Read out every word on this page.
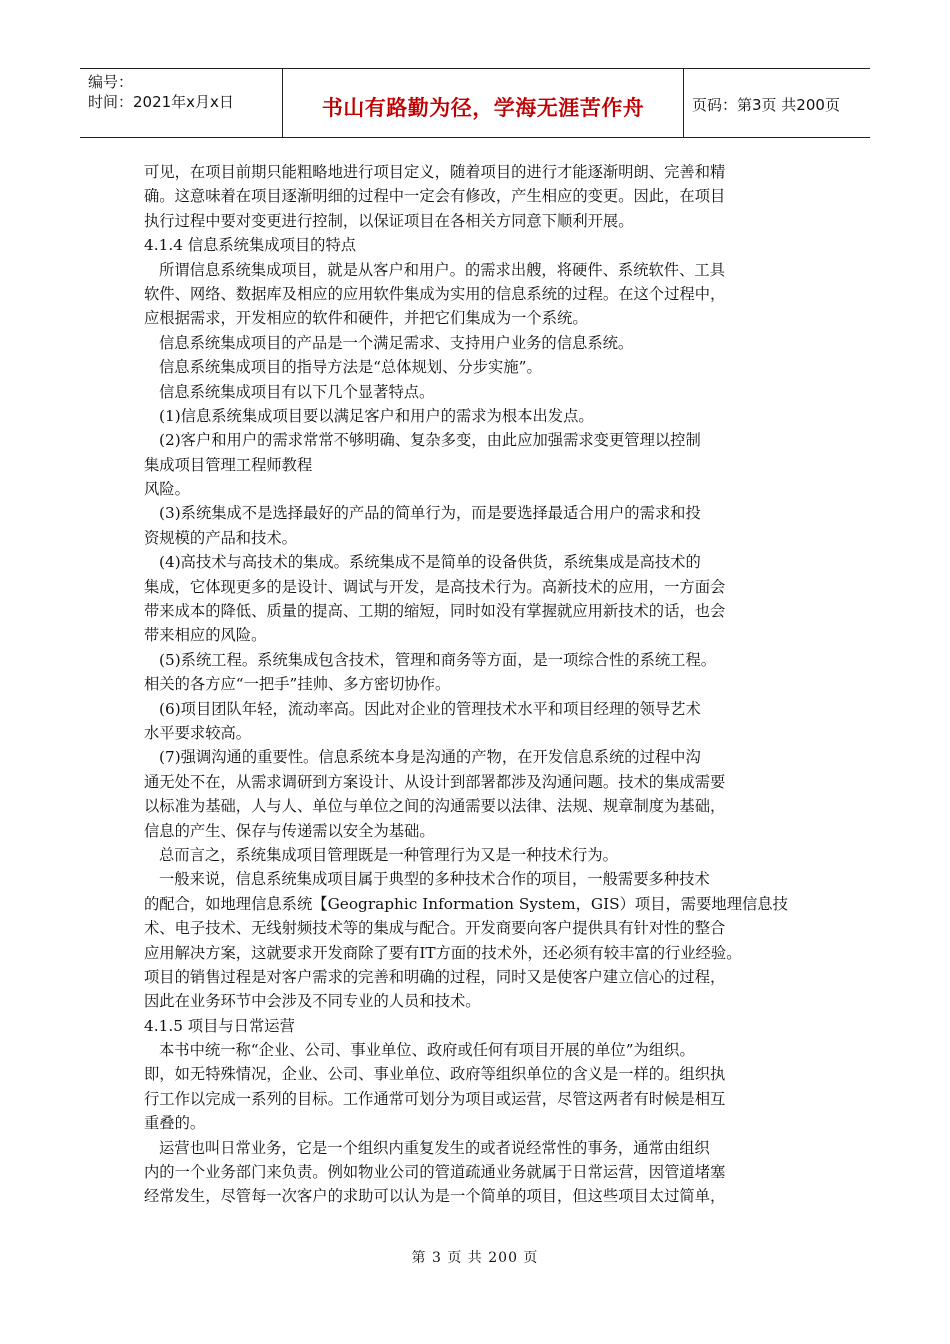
编号：
时间：2021年x月x日	书山有路勤为径，学海无涯苦作舟	页码：第3页 共200页
可见，在项目前期只能粗略地进行项目定义，随着项目的进行才能逐渐明朗、完善和精
确。这意味着在项目逐渐明细的过程中一定会有修改，产生相应的变更。因此，在项目
执行过程中要对变更进行控制，以保证项目在各相关方同意下顺利开展。
4.1.4 信息系统集成项目的特点
所谓信息系统集成项目，就是从客户和用户。的需求出艘，将硬件、系统软件、工具
软件、网络、数据库及相应的应用软件集成为实用的信息系统的过程。在这个过程中，
应根据需求，开发相应的软件和硬件，并把它们集成为一个系统。
信息系统集成项目的产品是一个满足需求、支持用户业务的信息系统。
信息系统集成项目的指导方法是“总体规划、分步实施”。
信息系统集成项目有以下几个显著特点。
(1)信息系统集成项目要以满足客户和用户的需求为根本出发点。
(2)客户和用户的需求常常不够明确、复杂多变，由此应加强需求变更管理以控制
集成项目管理工程师教程
风险。
(3)系统集成不是选择最好的产品的简单行为，而是要选择最适合用户的需求和投
资规模的产品和技术。
(4)高技术与高技术的集成。系统集成不是简单的设备供货，系统集成是高技术的
集成，它体现更多的是设计、调试与开发，是高技术行为。高新技术的应用，一方面会
带来成本的降低、质量的提高、工期的缩短，同时如没有掌握就应用新技术的话，也会
带来相应的风险。
(5)系统工程。系统集成包含技术，管理和商务等方面，是一项综合性的系统工程。
相关的各方应“一把手”挂帅、多方密切协作。
(6)项目团队年轻，流动率高。因此对企业的管理技术水平和项目经理的领导艺术
水平要求较高。
(7)强调沟通的重要性。信息系统本身是沟通的产物，在开发信息系统的过程中沟
通无处不在，从需求调研到方案设计、从设计到部署都涉及沟通问题。技术的集成需要
以标准为基础，人与人、单位与单位之间的沟通需要以法律、法规、规章制度为基础，
信息的产生、保存与传递需以安全为基础。
总而言之，系统集成项目管理既是一种管理行为又是一种技术行为。
一般来说，信息系统集成项目属于典型的多种技术合作的项目，一般需要多种技术
的配合，如地理信息系统【Geographic Information System，GIS）项目，需要地理信息技
术、电子技术、无线射频技术等的集成与配合。开发商要向客户提供具有针对性的整合
应用解决方案，这就要求开发商除了要有IT方面的技术外，还必须有较丰富的行业经验。
项目的销售过程是对客户需求的完善和明确的过程，同时又是使客户建立信心的过程，
因此在业务环节中会涉及不同专业的人员和技术。
4.1.5 项目与日常运营
本书中统一称“企业、公司、事业单位、政府或任何有项目开展的单位”为组织。
即，如无特殊情况，企业、公司、事业单位、政府等组织单位的含义是一样的。组织执
行工作以完成一系列的目标。工作通常可划分为项目或运营，尽管这两者有时候是相互
重叠的。
运营也叫日常业务，它是一个组织内重复发生的或者说经常性的事务，通常由组织
内的一个业务部门来负责。例如物业公司的管道疏通业务就属于日常运营，因管道堵塞
经常发生，尽管每一次客户的求助可以认为是一个简单的项目，但这些项目太过简单，
第 3 页 共 200 页
